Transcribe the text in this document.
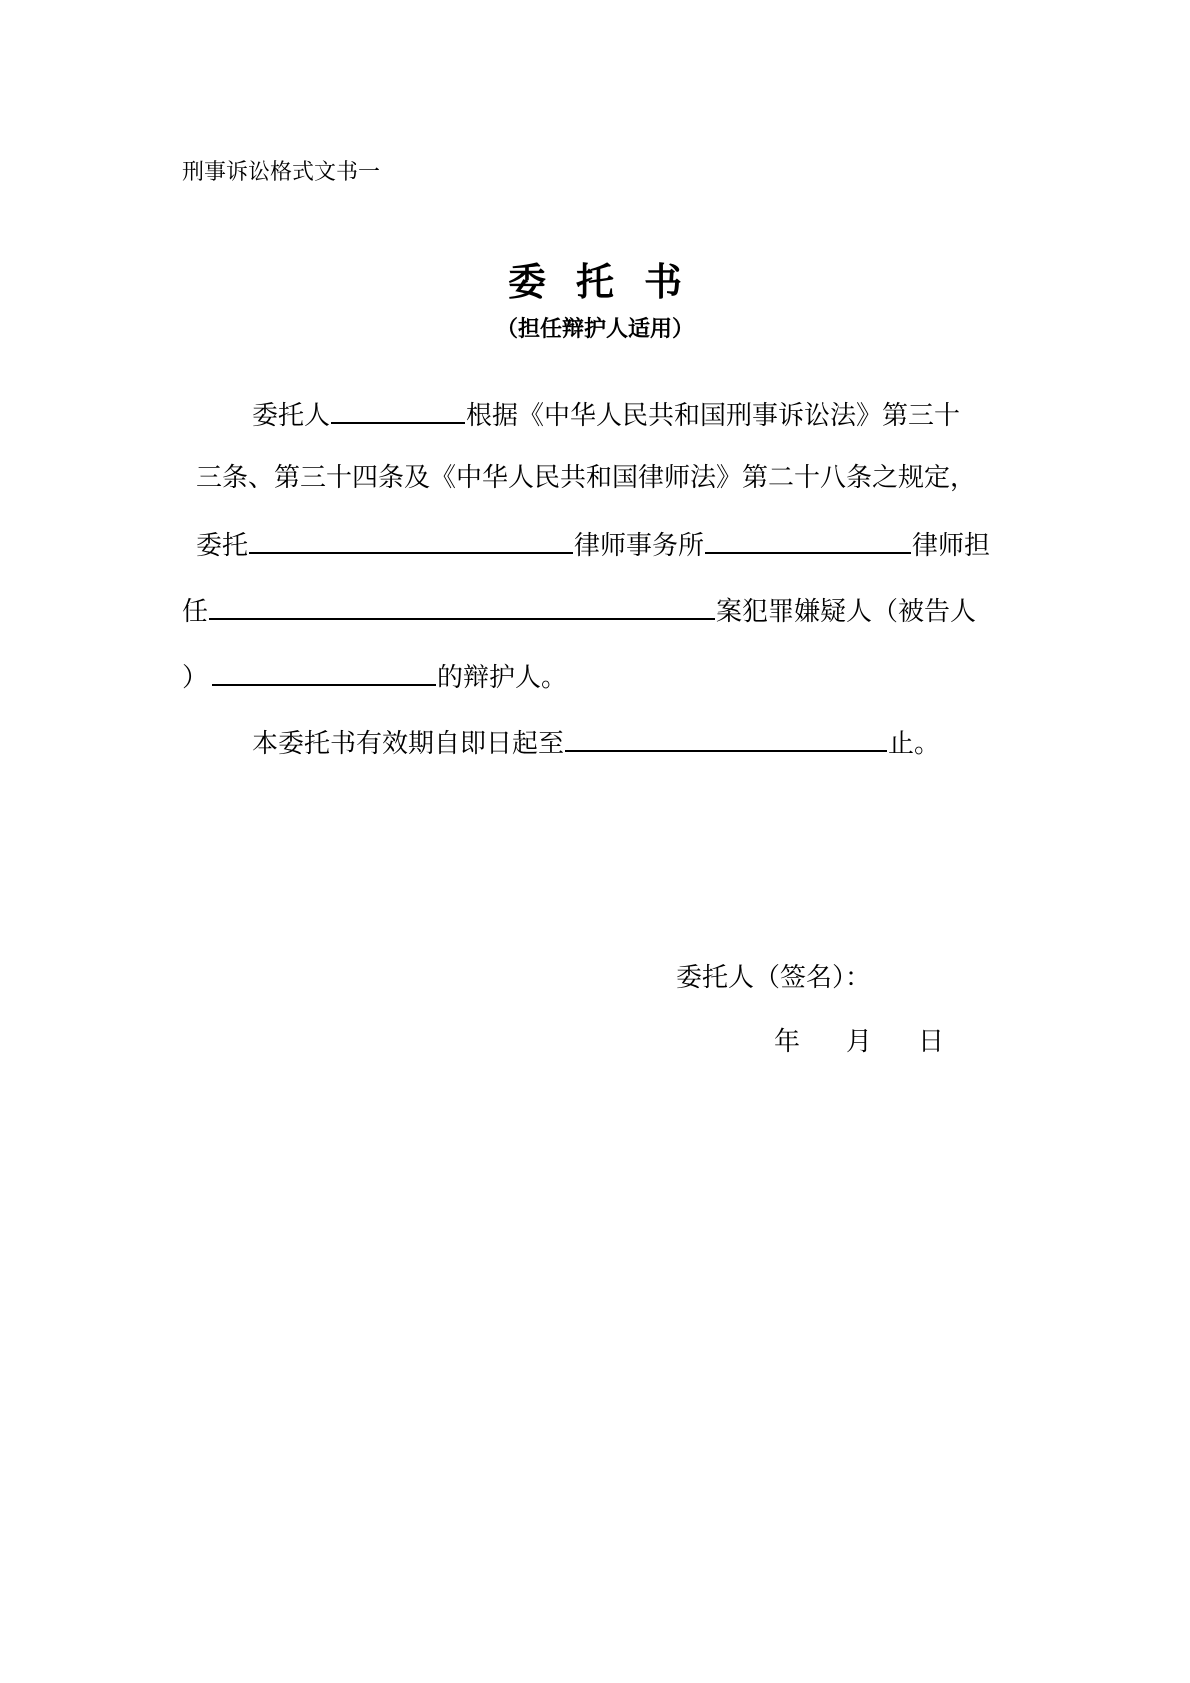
刑事诉讼格式文书一
委托书
（担任辩护人适用）
委托人	根据《中华人民共和国刑事诉讼法》第三十
三条、第三十四条及《中华人民共和国律师法》第二十八条之规定，
委托	律师事务所	律师担
任	案犯罪嫌疑人（被告人
）	的辩护人。
本委托书有效期自即日起至	止。
委托人（签名）：
年 月 日
